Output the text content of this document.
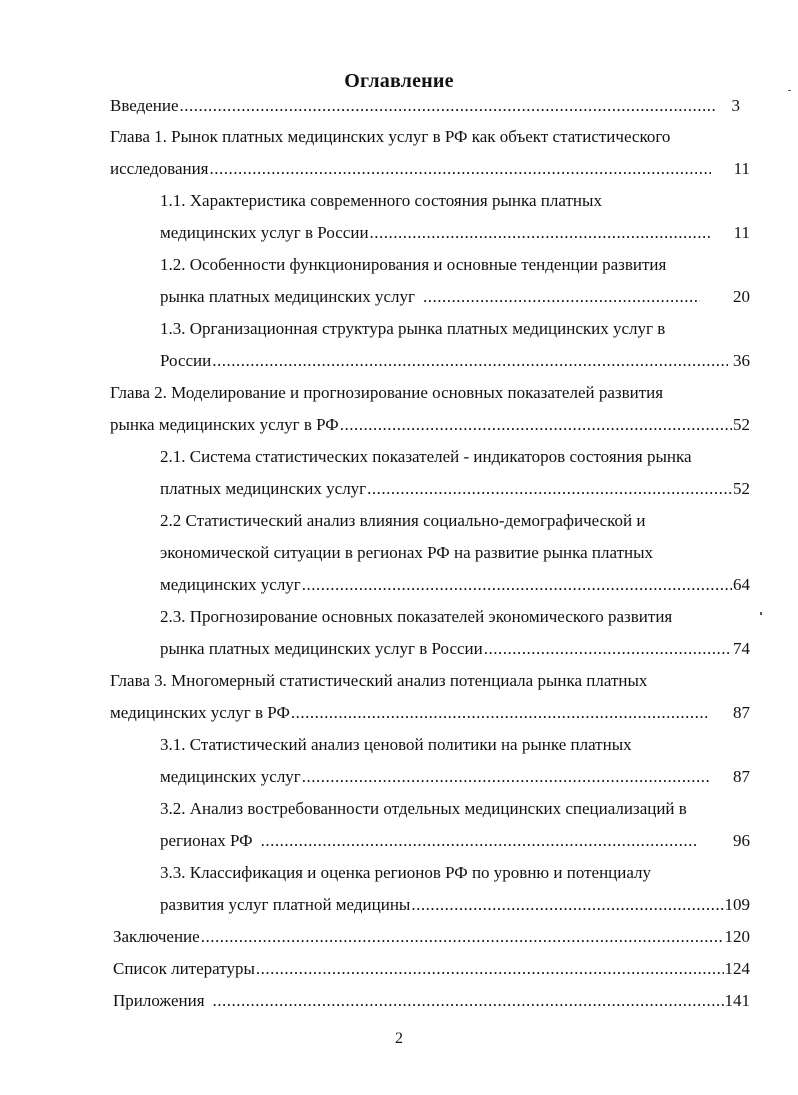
Оглавление
Введение .....	3
Глава 1. Рынок платных медицинских услуг в РФ как объект статистического
исследования .....	11
1.1. Характеристика современного состояния рынка платных
медицинских услуг в России .....	11
1.2. Особенности функционирования и основные тенденции развития
рынка платных медицинских услуг .....	20
1.3. Организационная структура рынка платных медицинских услуг в
России .....	36
Глава 2. Моделирование и прогнозирование основных показателей развития
рынка медицинских услуг в РФ .....	52
2.1. Система статистических показателей - индикаторов состояния рынка
платных медицинских услуг .....	52
2.2 Статистический анализ влияния социально-демографической и
экономической ситуации в регионах РФ на развитие рынка платных
медицинских услуг .....	64
2.3. Прогнозирование основных показателей экономического развития
рынка платных медицинских услуг в России .....	74
Глава 3. Многомерный статистический анализ потенциала рынка платных
медицинских услуг в РФ .....	87
3.1. Статистический анализ ценовой политики на рынке платных
медицинских услуг .....	87
3.2. Анализ востребованности отдельных медицинских специализаций в
регионах РФ .....	96
3.3. Классификация и оценка регионов РФ по уровню и потенциалу
развития услуг платной медицины .....	109
Заключение .....	120
Список литературы .....	124
Приложения .....	141
2
